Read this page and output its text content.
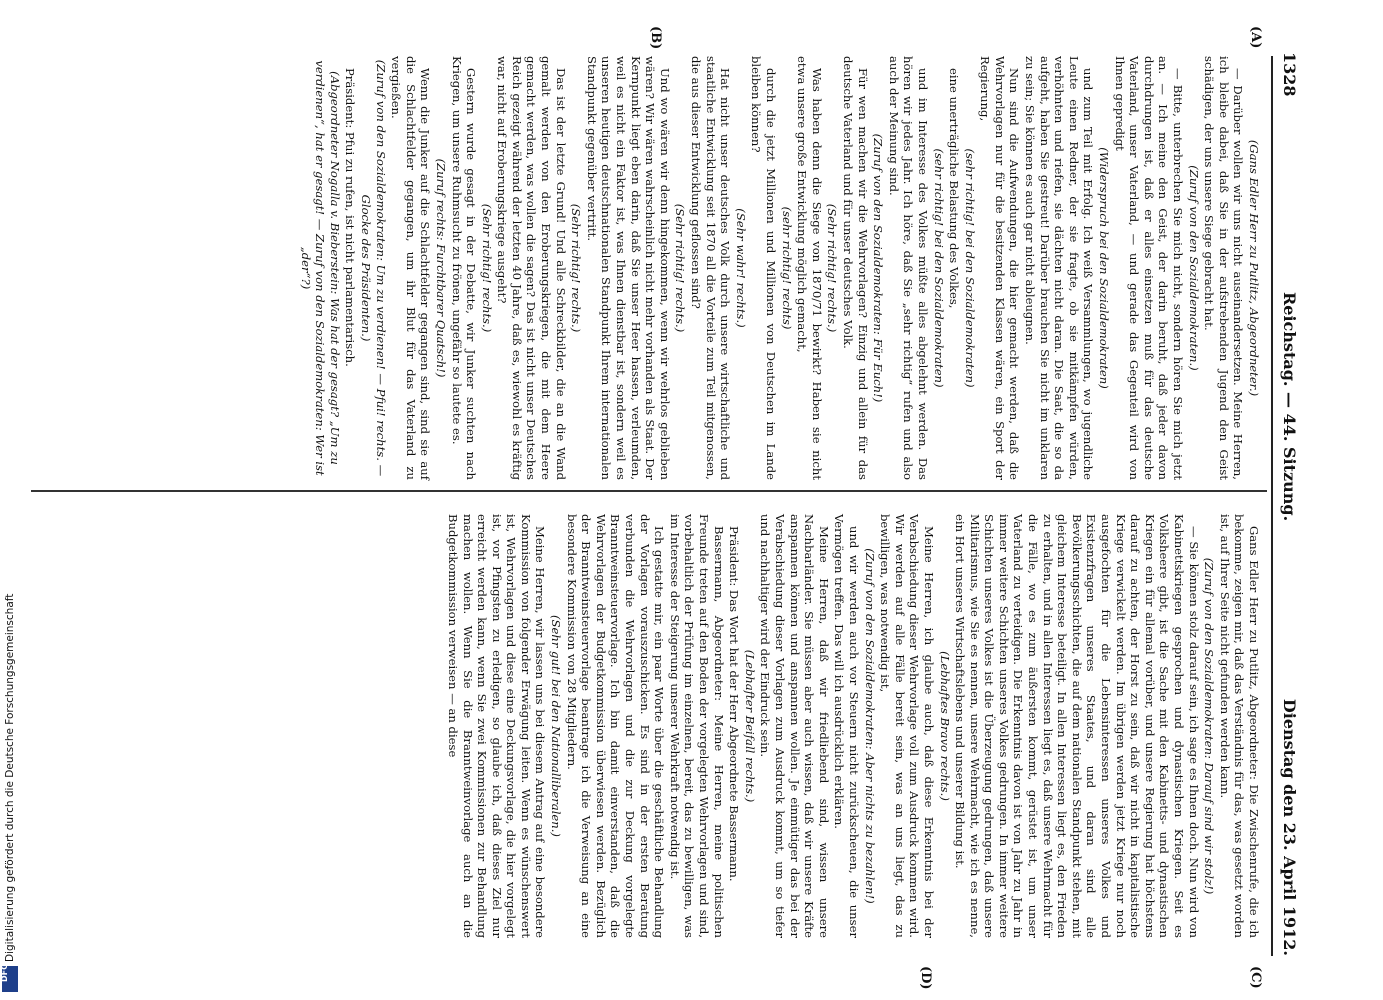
1328
Reichstag. — 44. Sitzung.
Dienstag den 23. April 1912.
(A)
(B)
(C)
(D)

(Gans Edler Herr zu Putlitz, Abgeordneter.)

— Darüber wollen wir uns nicht auseinandersetzen. Meine Herren, ich bleibe dabei, daß Sie in der aufstrebenden Jugend den Geist schädigen, der uns unsere Siege gebracht hat.

(Zuruf von den Sozialdemokraten.)

— Bitte, unterbrechen Sie mich nicht, sondern hören Sie mich jetzt an. — Ich meine den Geist, der darin beruht, daß jeder davon durchdrungen ist, daß er alles einsetzen muß für das deutsche Vaterland, unser Vaterland, — und gerade das Gegenteil wird von Ihnen gepredigt

(Widerspruch bei den Sozialdemokraten)

und zum Teil mit Erfolg. Ich weiß Versammlungen, wo jugendliche Leute einen Redner, der sie fragte, ob sie mitkämpfen würden, verhöhnten und riefen, sie dächten nicht daran. Die Saat, die so da aufgeht, haben Sie gestreut! Darüber brauchen Sie nicht im unklaren zu sein; Sie können es auch gar nicht ableugnen.

Nun sind die Aufwendungen, die hier gemacht werden, daß die Wehrvorlagen nur für die besitzenden Klassen wären, ein Sport der Regierung,

(sehr richtig! bei den Sozialdemokraten)

eine unerträgliche Belastung des Volkes,

(sehr richtig! bei den Sozialdemokraten)

und im Interesse des Volkes müßte alles abgelehnt werden. Das hören wir jedes Jahr. Ich höre, daß Sie „sehr richtig“ rufen und also auch der Meinung sind.

(Zuruf von den Sozialdemokraten: Für Euch!)

Für wen machen wir die Wehrvorlagen? Einzig und allein für das deutsche Vaterland und für unser deutsches Volk.

(Sehr richtig! rechts.)

Was haben denn die Siege von 1870/71 bewirkt? Haben sie nicht etwa unsere große Entwicklung möglich gemacht,

(sehr richtig! rechts)

durch die jetzt Millionen und Millionen von Deutschen im Lande bleiben können?

(Sehr wahr! rechts.)

Hat nicht unser deutsches Volk durch unsere wirtschaftliche und staatliche Entwicklung seit 1870 all die Vorteile zum Teil mitgenossen, die aus dieser Entwicklung geflossen sind?

(Sehr richtig! rechts.)

Und wo wären wir denn hingekommen, wenn wir wehrlos geblieben wären? Wir wären wahrscheinlich nicht mehr vorhanden als Staat. Der Kernpunkt liegt eben darin, daß Sie unser Heer hassen, verleumden, weil es nicht ein Faktor ist, was Ihnen dienstbar ist, sondern weil es unseren heutigen deutschnationalen Standpunkt Ihrem internationalen Standpunkt gegenüber vertritt.

(Sehr richtig! rechts.)

Das ist der letzte Grund! Und alle Schreckbilder, die an die Wand gemalt werden von den Eroberungskriegen, die mit dem Heere gemacht werden, was wollen die sagen? Das ist nicht unser Deutsches Reich gezeigt während der letzten 40 Jahre, daß es, wiewohl es kräftig war, nicht auf Eroberungskriege ausgeht?

(Sehr richtig! rechts.)

Gestern wurde gesagt in der Debatte, wir Junker suchten nach Kriegen, um unsere Ruhmsucht zu frönen, ungefähr so lautete es.

(Zuruf rechts: Furchtbarer Quatsch!)

Wenn die Junker auf die Schlachtfelder gegangen sind, sind sie auf die Schlachtfelder gegangen, um ihr Blut für das Vaterland zu vergießen.

(Zuruf von den Sozialdemokraten: Um zu verdienen! — Pfui! rechts. — Glocke des Präsidenten.)

Präsident: Pfui zu rufen, ist nicht parlamentarisch.

(Abgeordneter Nogalla v. Bieberstein: Was hat der gesagt? „Um zu verdienen“, hat er gesagt! — Zuruf von den Sozialdemokraten: Wer ist „der“?)

Gans Edler Herr zu Putlitz, Abgeordneter: Die Zwischenrufe, die ich bekomme, zeigen mir, daß das Verständnis für das, was gesetzt worden ist, auf Ihrer Seite nicht gefunden werden kann.

(Zuruf von den Sozialdemokraten: Darauf sind wir stolz!)

— Sie können stolz darauf sein, ich sage es Ihnen doch. Nun wird von Kabinettskriegen gesprochen und dynastischen Kriegen. Seit es Volksheere gibt, ist die Sache mit den Kabinetts- und dynastischen Kriegen ein für allemal vorüber, und unsere Regierung hat höchstens darauf zu achten, der Horst zu sein, daß wir nicht in kapitalistische Kriege verwickelt werden. Im übrigen werden jetzt Kriege nur noch ausgefochten für die Lebensinteressen unseres Volkes und Existenzfragen unseres Staates, und daran sind alle Bevölkerungsschichten, die auf dem nationalen Standpunkt stehen, mit gleichem Interesse beteiligt. In allen Interessen liegt es, den Frieden zu erhalten, und in allen Interessen liegt es, daß unsere Wehrmacht für die Fälle, wo es zum äußersten kommt, gerüstet ist, um unser Vaterland zu verteidigen. Die Erkenntnis davon ist von Jahr zu Jahr in immer weitere Schichten unseres Volkes gedrungen. In immer weitere Schichten unseres Volkes ist die Überzeugung gedrungen, daß unsere Militarismus, wie Sie es nennen, unsere Wehrmacht, wie ich es nenne, ein Hort unseres Wirtschaftslebens und unserer Bildung ist.

(Lebhaftes Bravo rechts.)

Meine Herren, ich glaube auch, daß diese Erkenntnis bei der Verabschiedung dieser Wehrvorlage voll zum Ausdruck kommen wird. Wir werden auf alle Fälle bereit sein, was an uns liegt, das zu bewilligen, was notwendig ist,

(Zuruf von den Sozialdemokraten: Aber nichts zu bezahlen!)

und wir werden auch vor Steuern nicht zurückscheuen, die unser Vermögen treffen. Das will ich ausdrücklich erklären.

Meine Herren, daß wir friedliebend sind, wissen unsere Nachbarländer. Sie müssen aber auch wissen, daß wir unsere Kräfte anspannen können und anspannen wollen. Je einmütiger das bei der Verabschiedung dieser Vorlagen zum Ausdruck kommt, um so tiefer und nachhaltiger wird der Eindruck sein.

(Lebhafter Beifall rechts.)

Präsident: Das Wort hat der Herr Abgeordnete Bassermann.

Bassermann, Abgeordneter: Meine Herren, meine politischen Freunde treten auf den Boden der vorgelegten Wehrvorlagen und sind, vorbehaltlich der Prüfung im einzelnen, bereit, das zu bewilligen, was im Interesse der Steigerung unserer Wehrkraft notwendig ist.

Ich gestatte mir, ein paar Worte über die geschäftliche Behandlung der Vorlagen vorauszuschicken. Es sind in der ersten Beratung verbunden die Wehrvorlagen und die zur Deckung vorgelegte Branntweinsteuervorlage. Ich bin damit einverstanden, daß die Wehrvorlagen der Budgetkommission überwiesen werden. Bezüglich der Branntweinsteuervorlage beantrage ich die Verweisung an eine besondere Kommission von 28 Mitgliedern.

(Sehr gut! bei den Nationalliberalen.)

Meine Herren, wir lassen uns bei diesem Antrag auf eine besondere Kommission von folgender Erwägung leiten. Wenn es wünschenswert ist, Wehrvorlagen und diese eine Deckungsvorlage, die hier vorgelegt ist, vor Pfingsten zu erledigen, so glaube ich, daß dieses Ziel nur erreicht werden kann, wenn Sie zwei Kommissionen zur Behandlung machen wollen. Wenn Sie die Branntweinvorlage auch an die Budgetkommission verweisen — an diese

Digitalisierung gefördert durch die Deutsche Forschungsgemeinschaft
DFG
